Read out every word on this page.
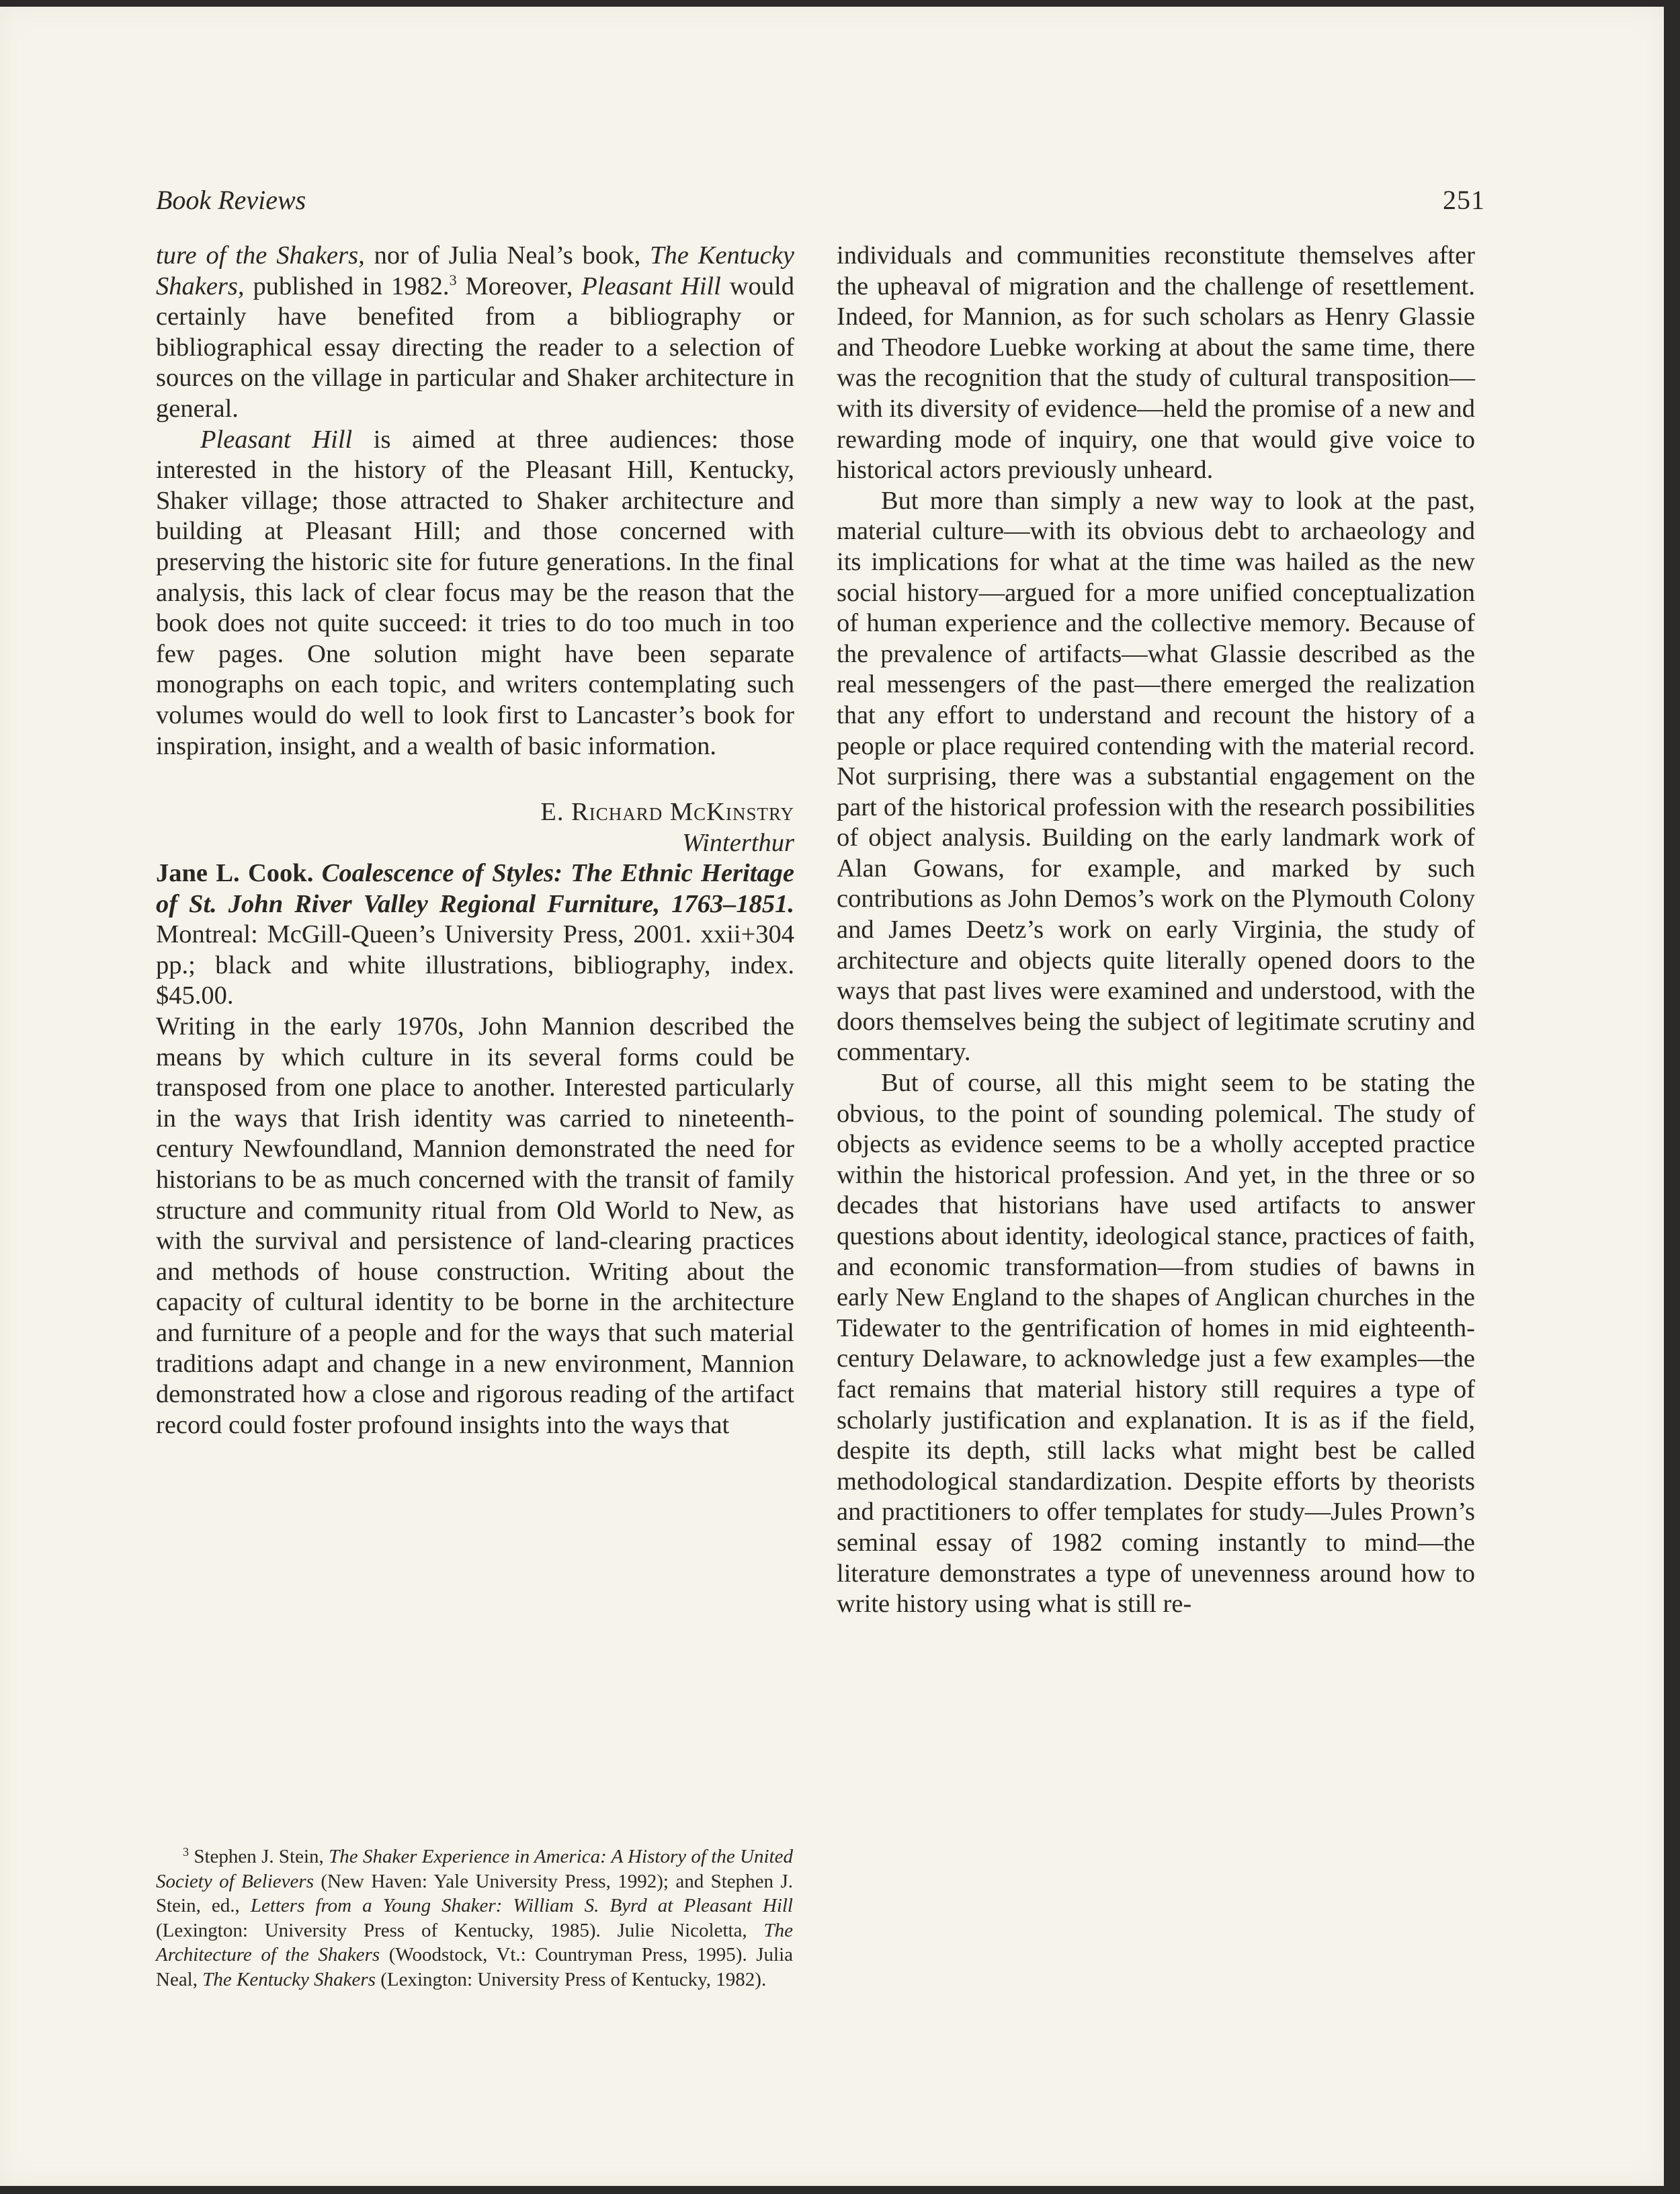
Book Reviews	251

ture of the Shakers, nor of Julia Neal’s book, The Kentucky Shakers, published in 1982.$^3$ Moreover, Pleasant Hill would certainly have benefited from a bibliography or bibliographical essay directing the reader to a selection of sources on the village in particular and Shaker architecture in general.

Pleasant Hill is aimed at three audiences: those interested in the history of the Pleasant Hill, Kentucky, Shaker village; those attracted to Shaker architecture and building at Pleasant Hill; and those concerned with preserving the historic site for future generations. In the final analysis, this lack of clear focus may be the reason that the book does not quite succeed: it tries to do too much in too few pages. One solution might have been separate monographs on each topic, and writers contemplating such volumes would do well to look first to Lancaster’s book for inspiration, insight, and a wealth of basic information.

E. Richard McKinstry
Winterthur

Jane L. Cook. Coalescence of Styles: The Ethnic Heritage of St. John River Valley Regional Furniture, 1763–1851. Montreal: McGill-Queen’s University Press, 2001. xxii+304 pp.; black and white illustrations, bibliography, index. $45.00.

Writing in the early 1970s, John Mannion described the means by which culture in its several forms could be transposed from one place to another. Interested particularly in the ways that Irish identity was carried to nineteenth-century Newfoundland, Mannion demonstrated the need for historians to be as much concerned with the transit of family structure and community ritual from Old World to New, as with the survival and persistence of land-clearing practices and methods of house construction. Writing about the capacity of cultural identity to be borne in the architecture and furniture of a people and for the ways that such material traditions adapt and change in a new environment, Mannion demonstrated how a close and rigorous reading of the artifact record could foster profound insights into the ways that

individuals and communities reconstitute themselves after the upheaval of migration and the challenge of resettlement. Indeed, for Mannion, as for such scholars as Henry Glassie and Theodore Luebke working at about the same time, there was the recognition that the study of cultural transposition—with its diversity of evidence—held the promise of a new and rewarding mode of inquiry, one that would give voice to historical actors previously unheard.

But more than simply a new way to look at the past, material culture—with its obvious debt to archaeology and its implications for what at the time was hailed as the new social history—argued for a more unified conceptualization of human experience and the collective memory. Because of the prevalence of artifacts—what Glassie described as the real messengers of the past—there emerged the realization that any effort to understand and recount the history of a people or place required contending with the material record. Not surprising, there was a substantial engagement on the part of the historical profession with the research possibilities of object analysis. Building on the early landmark work of Alan Gowans, for example, and marked by such contributions as John Demos’s work on the Plymouth Colony and James Deetz’s work on early Virginia, the study of architecture and objects quite literally opened doors to the ways that past lives were examined and understood, with the doors themselves being the subject of legitimate scrutiny and commentary.

But of course, all this might seem to be stating the obvious, to the point of sounding polemical. The study of objects as evidence seems to be a wholly accepted practice within the historical profession. And yet, in the three or so decades that historians have used artifacts to answer questions about identity, ideological stance, practices of faith, and economic transformation—from studies of bawns in early New England to the shapes of Anglican churches in the Tidewater to the gentrification of homes in mid eighteenth-century Delaware, to acknowledge just a few examples—the fact remains that material history still requires a type of scholarly justification and explanation. It is as if the field, despite its depth, still lacks what might best be called methodological standardization. Despite efforts by theorists and practitioners to offer templates for study—Jules Prown’s seminal essay of 1982 coming instantly to mind—the literature demonstrates a type of unevenness around how to write history using what is still re-

$^3$ Stephen J. Stein, The Shaker Experience in America: A History of the United Society of Believers (New Haven: Yale University Press, 1992); and Stephen J. Stein, ed., Letters from a Young Shaker: William S. Byrd at Pleasant Hill (Lexington: University Press of Kentucky, 1985). Julie Nicoletta, The Architecture of the Shakers (Woodstock, Vt.: Countryman Press, 1995). Julia Neal, The Kentucky Shakers (Lexington: University Press of Kentucky, 1982).
